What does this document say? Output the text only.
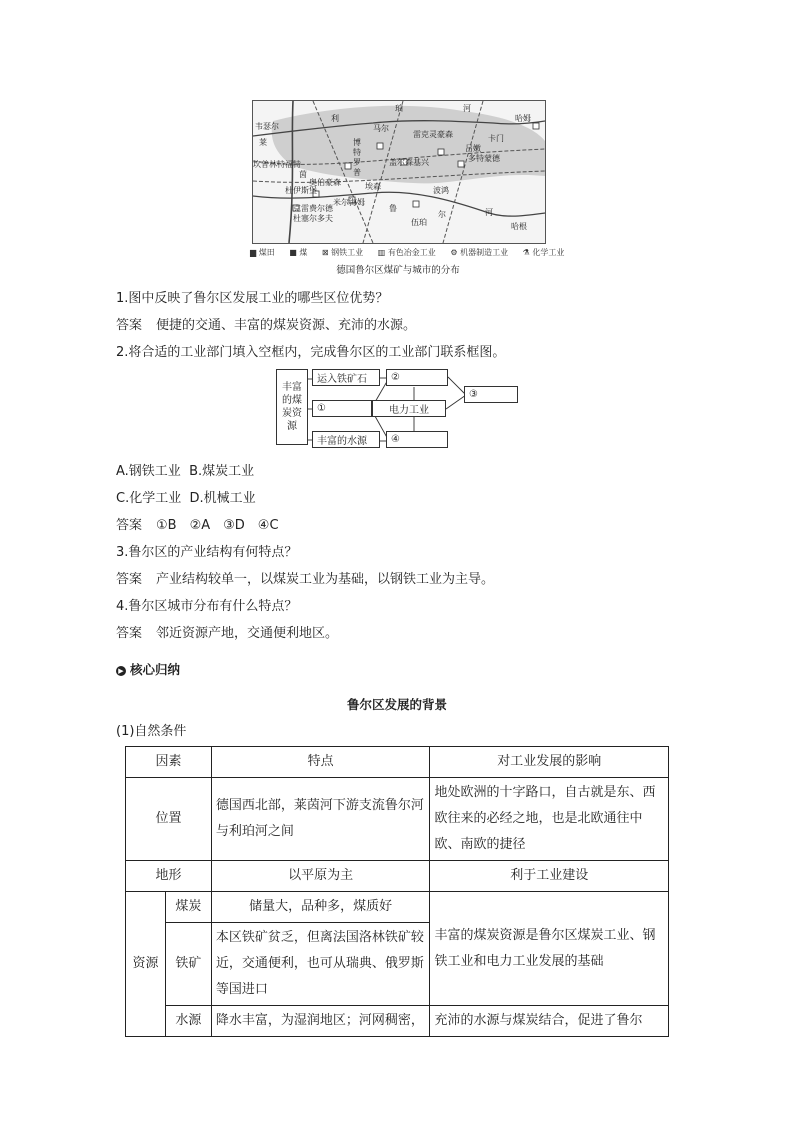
利
珀	河
韦瑟尔
哈姆
莱	博
特
罗
普
马尔
雷克灵豪森	卡门
多特蒙德
坎普林特福特
茵
盖尔森基兴
吕嫩
哈根
杜伊斯堡
奥伯豪森
米尔海姆
埃森	波鸿
鲁
尔	河
伍珀
杜塞尔多夫
克雷费尔德
▆ 煤田 ■ 煤 ⊠ 钢铁工业 ▥ 有色冶金工业 ⚙ 机器制造工业 ⚗ 化学工业
德国鲁尔区煤矿与城市的分布
1.图中反映了鲁尔区发展工业的哪些区位优势？
答案 便捷的交通、丰富的煤炭资源、充沛的水源。
2.将合适的工业部门填入空框内，完成鲁尔区的工业部门联系框图。
丰富的煤炭资源
运入铁矿石	②
①	电力工业
③
丰富的水源	④
A.钢铁工业 B.煤炭工业
C.化学工业 D.机械工业
答案 ①B　②A　③D　④C
3.鲁尔区的产业结构有何特点？
答案 产业结构较单一，以煤炭工业为基础，以钢铁工业为主导。
4.鲁尔区城市分布有什么特点？
答案 邻近资源产地，交通便利地区。
▶ 核心归纳
鲁尔区发展的背景
(1)自然条件
因素		特点	对工业发展的影响
位置		德国西北部，莱茵河下游支流鲁尔河与利珀河之间	地处欧洲的十字路口，自古就是东、西欧往来的必经之地，也是北欧通往中欧、南欧的捷径
地形		以平原为主	利于工业建设
资源	煤炭	储量大，品种多，煤质好	丰富的煤炭资源是鲁尔区煤炭工业、钢铁工业和电力工业发展的基础
	铁矿	本区铁矿贫乏，但离法国洛林铁矿较近，交通便利，也可从瑞典、俄罗斯等国进口	
	水源	降水丰富，为湿润地区；河网稠密，	充沛的水源与煤炭结合，促进了鲁尔
